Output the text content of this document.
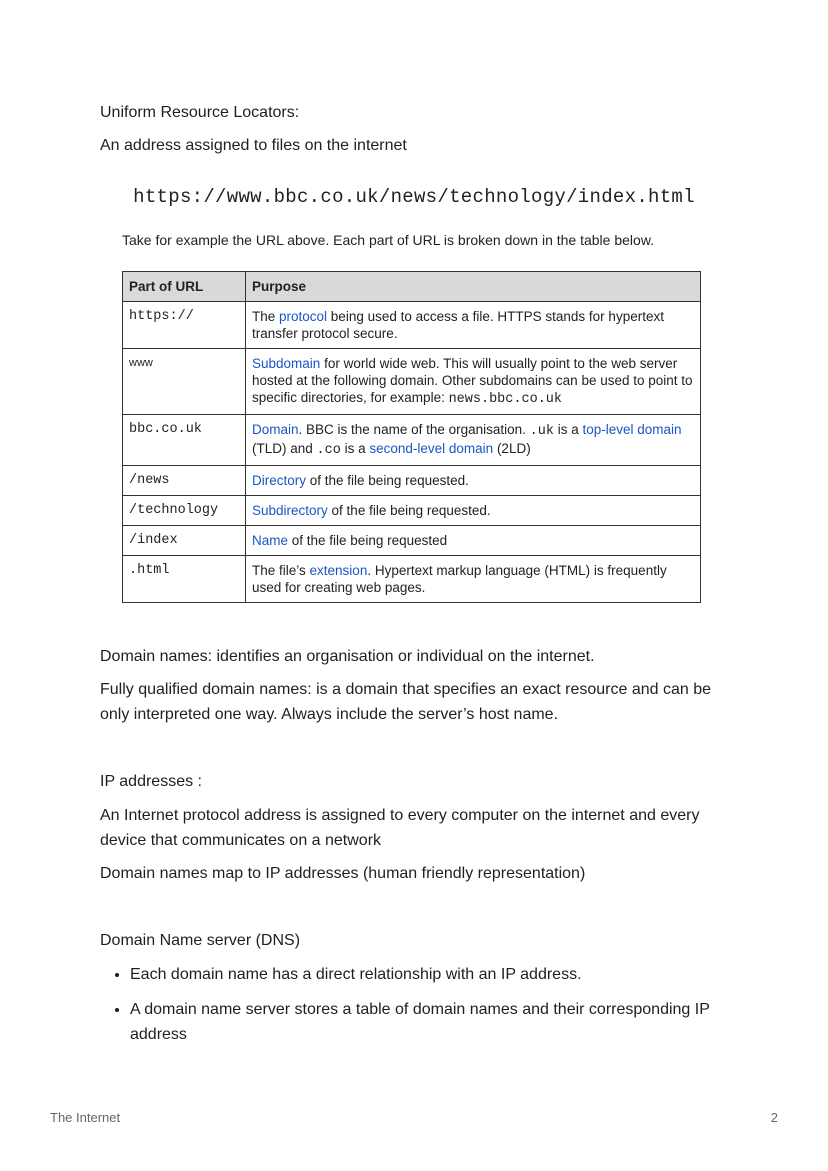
Uniform Resource Locators:

An address assigned to files on the internet

https://www.bbc.co.uk/news/technology/index.html
Take for example the URL above. Each part of URL is broken down in the table below.
Part of URL	Purpose
https://	The protocol being used to access a file. HTTPS stands for hypertext transfer protocol secure.
www	Subdomain for world wide web. This will usually point to the web server hosted at the following domain. Other subdomains can be used to point to specific directories, for example: news.bbc.co.uk
bbc.co.uk	Domain. BBC is the name of the organisation. .uk is a top-level domain (TLD) and .co is a second-level domain (2LD)
/news	Directory of the file being requested.
/technology	Subdirectory of the file being requested.
/index	Name of the file being requested
.html	The file’s extension. Hypertext markup language (HTML) is frequently used for creating web pages.

Domain names: identifies an organisation or individual on the internet.

Fully qualified domain names: is a domain that specifies an exact resource and can be only interpreted one way. Always include the server’s host name.

IP addresses :

An Internet protocol address is assigned to every computer on the internet and every device that communicates on a network

Domain names map to IP addresses (human friendly representation)

Domain Name server (DNS)

• Each domain name has a direct relationship with an IP address.
• A domain name server stores a table of domain names and their corresponding IP address
The Internet	2
